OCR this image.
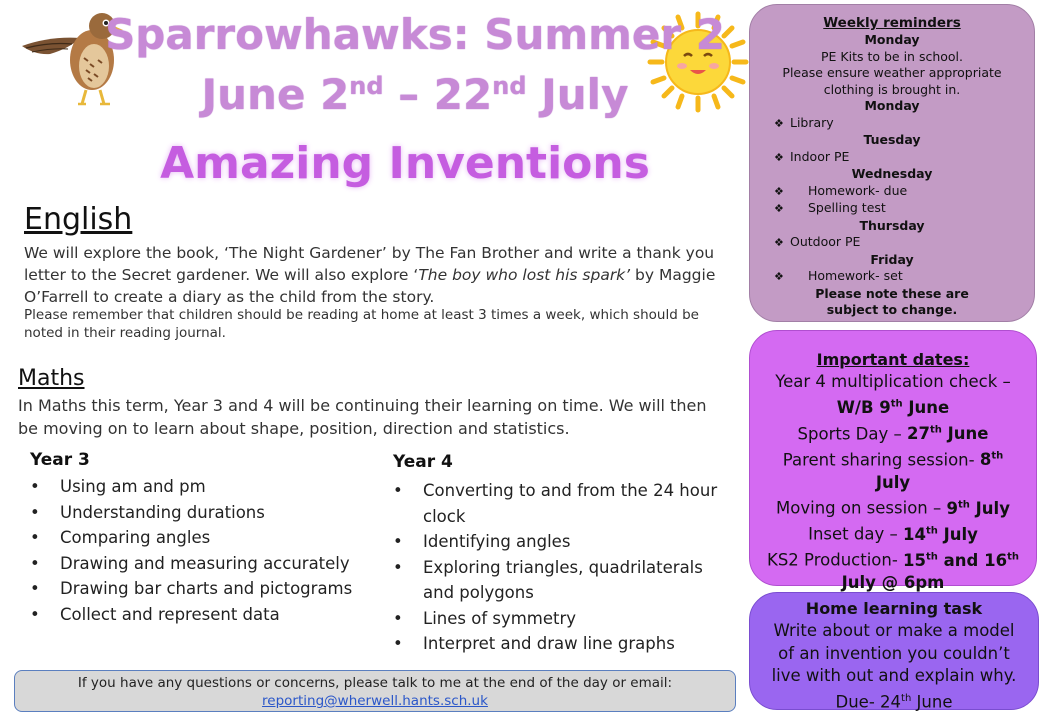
Sparrowhawks: Summer 2
June 2nd – 22nd July
Amazing Inventions
English
We will explore the book, ‘The Night Gardener’ by The Fan Brother and write a thank you letter to the Secret gardener. We will also explore ‘The boy who lost his spark’ by Maggie O’Farrell to create a diary as the child from the story.
Please remember that children should be reading at home at least 3 times a week, which should be noted in their reading journal.
Maths
In Maths this term, Year 3 and 4 will be continuing their learning on time. We will then be moving on to learn about shape, position, direction and statistics.
Year 3
• Using am and pm
• Understanding durations
• Comparing angles
• Drawing and measuring accurately
• Drawing bar charts and pictograms
• Collect and represent data
Year 4
• Converting to and from the 24 hour clock
• Identifying angles
• Exploring triangles, quadrilaterals and polygons
• Lines of symmetry
• Interpret and draw line graphs
If you have any questions or concerns, please talk to me at the end of the day or email:
reporting@wherwell.hants.sch.uk
Weekly reminders
Monday
PE Kits to be in school.
Please ensure weather appropriate clothing is brought in.
Monday
❖ Library
Tuesday
❖ Indoor PE
Wednesday
❖ Homework- due
❖ Spelling test
Thursday
❖ Outdoor PE
Friday
❖ Homework- set
Please note these are subject to change.
Important dates:
Year 4 multiplication check –
W/B 9th June
Sports Day – 27th June
Parent sharing session- 8th
July
Moving on session – 9th July
Inset day – 14th July
KS2 Production- 15th and 16th
July @ 6pm
Home learning task
Write about or make a model of an invention you couldn’t live with out and explain why.
Due- 24th June
